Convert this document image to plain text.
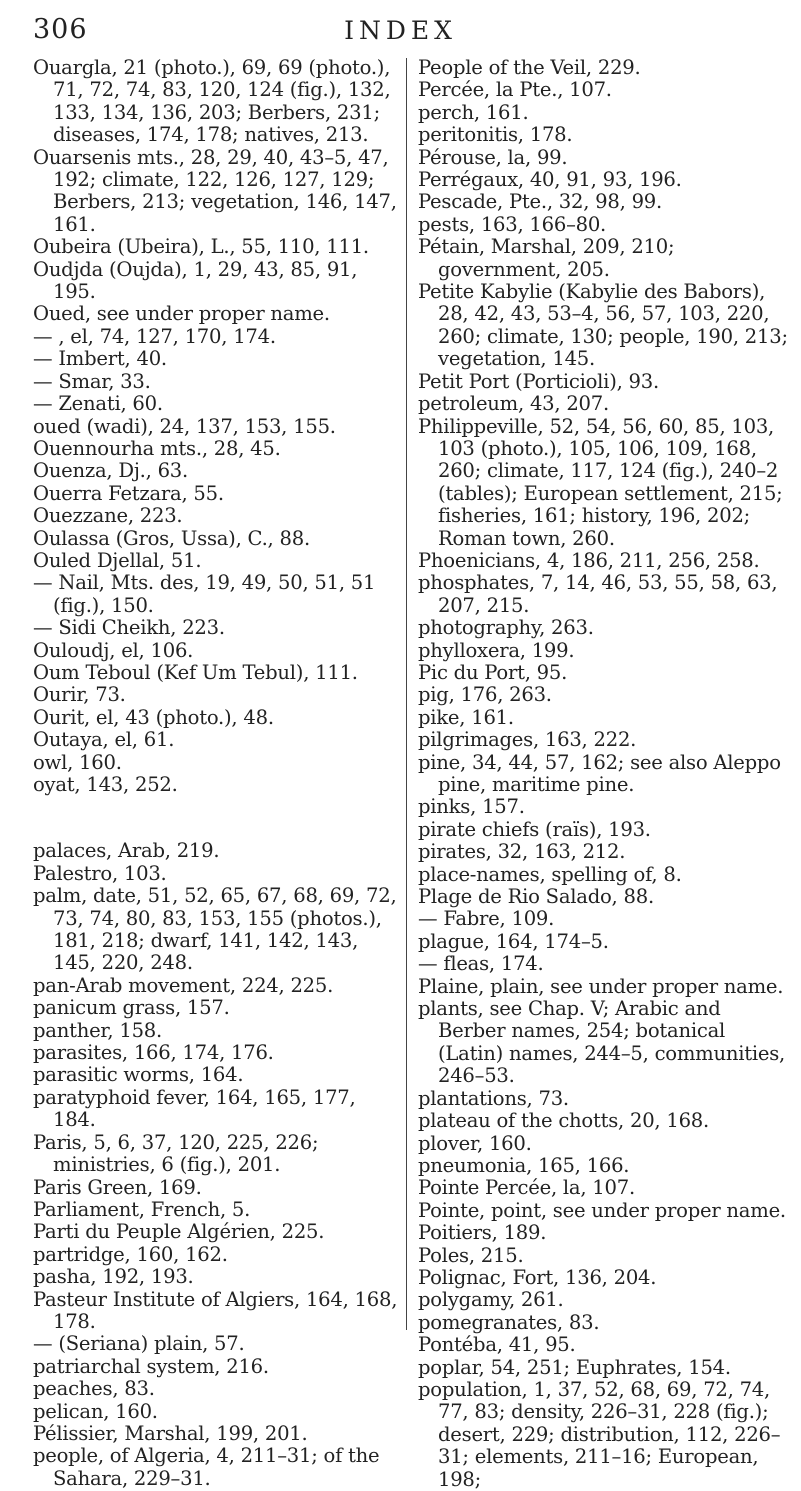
306	INDEX

Ouargla, 21 (photo.), 69, 69 (photo.), 71, 72, 74, 83, 120, 124 (fig.), 132, 133, 134, 136, 203; Berbers, 231; diseases, 174, 178; natives, 213.

Ouarsenis mts., 28, 29, 40, 43–5, 47, 192; climate, 122, 126, 127, 129; Berbers, 213; vegetation, 146, 147, 161.

Oubeira (Ubeira), L., 55, 110, 111.

Oudjda (Oujda), 1, 29, 43, 85, 91, 195.

Oued, see under proper name.

— , el, 74, 127, 170, 174.

— Imbert, 40.

— Smar, 33.

— Zenati, 60.

oued (wadi), 24, 137, 153, 155.

Ouennourha mts., 28, 45.

Ouenza, Dj., 63.

Ouerra Fetzara, 55.

Ouezzane, 223.

Oulassa (Gros, Ussa), C., 88.

Ouled Djellal, 51.

— Nail, Mts. des, 19, 49, 50, 51, 51 (fig.), 150.

— Sidi Cheikh, 223.

Ouloudj, el, 106.

Oum Teboul (Kef Um Tebul), 111.

Ourir, 73.

Ourit, el, 43 (photo.), 48.

Outaya, el, 61.

owl, 160.

oyat, 143, 252.

palaces, Arab, 219.

Palestro, 103.

palm, date, 51, 52, 65, 67, 68, 69, 72, 73, 74, 80, 83, 153, 155 (photos.), 181, 218; dwarf, 141, 142, 143, 145, 220, 248.

pan-Arab movement, 224, 225.

panicum grass, 157.

panther, 158.

parasites, 166, 174, 176.

parasitic worms, 164.

paratyphoid fever, 164, 165, 177, 184.

Paris, 5, 6, 37, 120, 225, 226; ministries, 6 (fig.), 201.

Paris Green, 169.

Parliament, French, 5.

Parti du Peuple Algérien, 225.

partridge, 160, 162.

pasha, 192, 193.

Pasteur Institute of Algiers, 164, 168, 178.

— (Seriana) plain, 57.

patriarchal system, 216.

peaches, 83.

pelican, 160.

Pélissier, Marshal, 199, 201.

people, of Algeria, 4, 211–31; of the Sahara, 229–31.

People of the Veil, 229.

Percée, la Pte., 107.

perch, 161.

peritonitis, 178.

Pérouse, la, 99.

Perrégaux, 40, 91, 93, 196.

Pescade, Pte., 32, 98, 99.

pests, 163, 166–80.

Pétain, Marshal, 209, 210; government, 205.

Petite Kabylie (Kabylie des Babors), 28, 42, 43, 53–4, 56, 57, 103, 220, 260; climate, 130; people, 190, 213; vegetation, 145.

Petit Port (Porticioli), 93.

petroleum, 43, 207.

Philippeville, 52, 54, 56, 60, 85, 103, 103 (photo.), 105, 106, 109, 168, 260; climate, 117, 124 (fig.), 240–2 (tables); European settlement, 215; fisheries, 161; history, 196, 202; Roman town, 260.

Phoenicians, 4, 186, 211, 256, 258.

phosphates, 7, 14, 46, 53, 55, 58, 63, 207, 215.

photography, 263.

phylloxera, 199.

Pic du Port, 95.

pig, 176, 263.

pike, 161.

pilgrimages, 163, 222.

pine, 34, 44, 57, 162; see also Aleppo pine, maritime pine.

pinks, 157.

pirate chiefs (raïs), 193.

pirates, 32, 163, 212.

place-names, spelling of, 8.

Plage de Rio Salado, 88.

— Fabre, 109.

plague, 164, 174–5.

— fleas, 174.

Plaine, plain, see under proper name.

plants, see Chap. V; Arabic and Berber names, 254; botanical (Latin) names, 244–5, communities, 246–53.

plantations, 73.

plateau of the chotts, 20, 168.

plover, 160.

pneumonia, 165, 166.

Pointe Percée, la, 107.

Pointe, point, see under proper name.

Poitiers, 189.

Poles, 215.

Polignac, Fort, 136, 204.

polygamy, 261.

pomegranates, 83.

Pontéba, 41, 95.

poplar, 54, 251; Euphrates, 154.

population, 1, 37, 52, 68, 69, 72, 74, 77, 83; density, 226–31, 228 (fig.); desert, 229; distribution, 112, 226–31; elements, 211–16; European, 198;
